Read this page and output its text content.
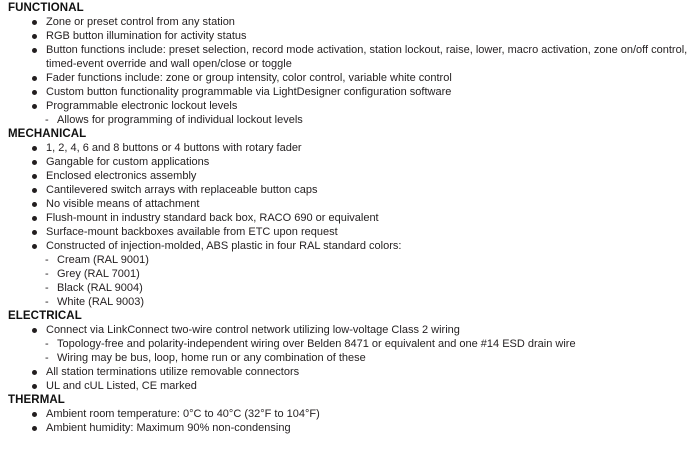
FUNCTIONAL
Zone or preset control from any station
RGB button illumination for activity status
Button functions include: preset selection, record mode activation, station lockout, raise, lower, macro activation, zone on/off control,
timed-event override and wall open/close or toggle
Fader functions include: zone or group intensity, color control, variable white control
Custom button functionality programmable via LightDesigner configuration software
Programmable electronic lockout levels
- Allows for programming of individual lockout levels
MECHANICAL
1, 2, 4, 6 and 8 buttons or 4 buttons with rotary fader
Gangable for custom applications
Enclosed electronics assembly
Cantilevered switch arrays with replaceable button caps
No visible means of attachment
Flush-mount in industry standard back box, RACO 690 or equivalent
Surface-mount backboxes available from ETC upon request
Constructed of injection-molded, ABS plastic in four RAL standard colors:
- Cream (RAL 9001)
- Grey (RAL 7001)
- Black (RAL 9004)
- White (RAL 9003)
ELECTRICAL
Connect via LinkConnect two-wire control network utilizing low-voltage Class 2 wiring
- Topology-free and polarity-independent wiring over Belden 8471 or equivalent and one #14 ESD drain wire
- Wiring may be bus, loop, home run or any combination of these
All station terminations utilize removable connectors
UL and cUL Listed, CE marked
THERMAL
Ambient room temperature: 0°C to 40°C (32°F to 104°F)
Ambient humidity: Maximum 90% non-condensing
